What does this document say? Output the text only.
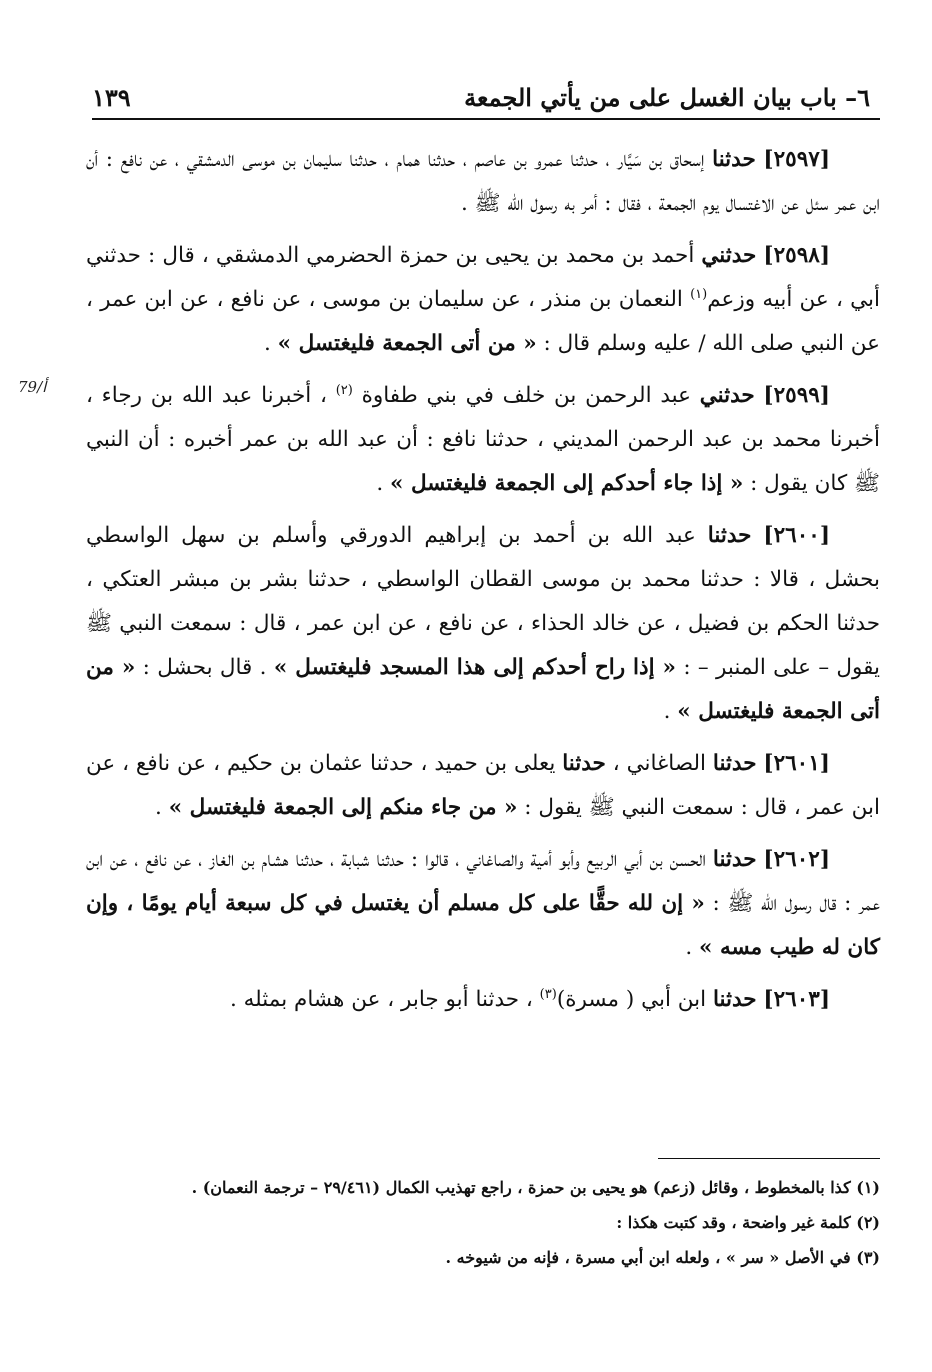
٦– باب بيان الغسل على من يأتي الجمعة
١٣٩
79/أ

[٢٥٩٧] حدثنا إسحاق بن سَيَّار ، حدثنا عمرو بن عاصم ، حدثنا همام ، حدثنا سليمان بن موسى الدمشقي ، عن نافع : أن ابن عمر سئل عن الاغتسال يوم الجمعة ، فقال : أمر به رسول الله ﷺ .

[٢٥٩٨] حدثني أحمد بن محمد بن يحيى بن حمزة الحضرمي الدمشقي ، قال : حدثني أبي ، عن أبيه وزعم$^{(١)}$ النعمان بن منذر ، عن سليمان بن موسى ، عن نافع ، عن ابن عمر ، عن النبي صلى الله / عليه وسلم قال : « من أتى الجمعة فليغتسل » .

[٢٥٩٩] حدثني عبد الرحمن بن خلف في بني طفاوة $^{(٢)}$ ، أخبرنا عبد الله بن رجاء ، أخبرنا محمد بن عبد الرحمن المديني ، حدثنا نافع : أن عبد الله بن عمر أخبره : أن النبي ﷺ كان يقول : « إذا جاء أحدكم إلى الجمعة فليغتسل » .

[٢٦٠٠] حدثنا عبد الله بن أحمد بن إبراهيم الدورقي وأسلم بن سهل الواسطي بحشل ، قالا : حدثنا محمد بن موسى القطان الواسطي ، حدثنا بشر بن مبشر العتكي ، حدثنا الحكم بن فضيل ، عن خالد الحذاء ، عن نافع ، عن ابن عمر ، قال : سمعت النبي ﷺ يقول – على المنبر – : « إذا راح أحدكم إلى هذا المسجد فليغتسل » . قال بحشل : « من أتى الجمعة فليغتسل » .

[٢٦٠١] حدثنا الصاغاني ، حدثنا يعلى بن حميد ، حدثنا عثمان بن حكيم ، عن نافع ، عن ابن عمر ، قال : سمعت النبي ﷺ يقول : « من جاء منكم إلى الجمعة فليغتسل » .

[٢٦٠٢] حدثنا الحسن بن أبي الربيع وأبو أمية والصاغاني ، قالوا : حدثنا شبابة ، حدثنا هشام بن الغاز ، عن نافع ، عن ابن عمر : قال رسول الله ﷺ : « إن لله حقًّا على كل مسلم أن يغتسل في كل سبعة أيام يومًا ، وإن كان له طيب مسه » .

[٢٦٠٣] حدثنا ابن أبي ( مسرة)$^{(٣)}$ ، حدثنا أبو جابر ، عن هشام بمثله .

(١) كذا بالمخطوط ، وقائل (زعم) هو يحيى بن حمزة ، راجع تهذيب الكمال (٢٩/٤٦١ – ترجمة النعمان) .

(٢) كلمة غير واضحة ، وقد كتبت هكذا :

(٣) في الأصل « سر » ، ولعله ابن أبي مسرة ، فإنه من شيوخه .
